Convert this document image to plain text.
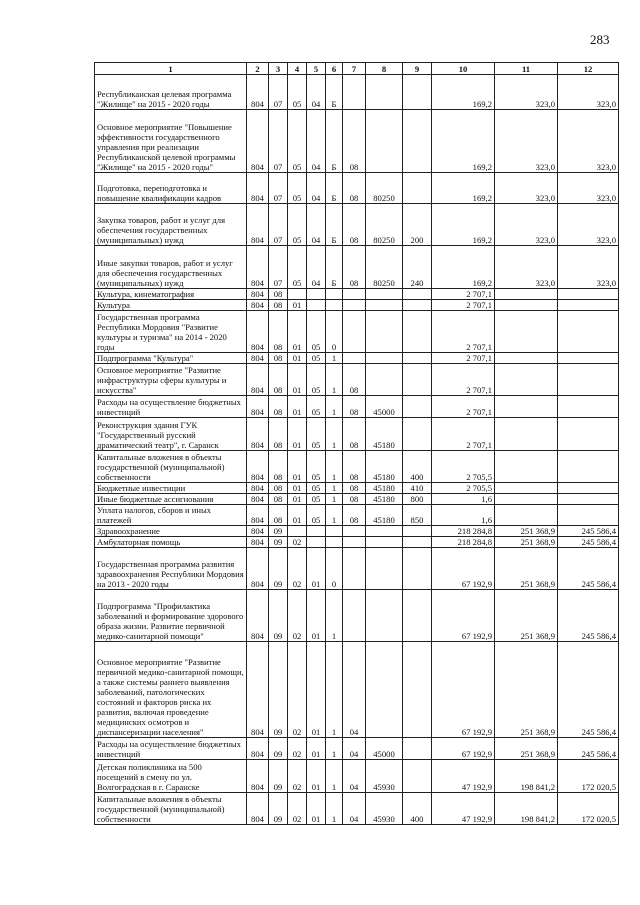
283
1	2	3	4	5	6	7	8	9	10	11	12
Республиканская целевая программа "Жилище" на 2015 - 2020 годы	804	07	05	04	Б				169,2	323,0	323,0
Основное мероприятие "Повышение эффективности государственного управления при реализации Республиканской целевой программы "Жилище" на 2015 - 2020 годы"	804	07	05	04	Б	08			169,2	323,0	323,0
Подготовка, переподготовка и повышение квалификации кадров	804	07	05	04	Б	08	80250		169,2	323,0	323,0
Закупка товаров, работ и услуг для обеспечения государственных (муниципальных) нужд	804	07	05	04	Б	08	80250	200	169,2	323,0	323,0
Иные закупки товаров, работ и услуг для обеспечения государственных (муниципальных) нужд	804	07	05	04	Б	08	80250	240	169,2	323,0	323,0
Культура, кинематография	804	08							2 707,1		
Культура	804	08	01						2 707,1		
Государственная программа Республики Мордовия "Развитие культуры и туризма" на 2014 - 2020 годы	804	08	01	05	0				2 707,1		
Подпрограмма "Культура"	804	08	01	05	1				2 707,1		
Основное мероприятие "Развитие инфраструктуры сферы культуры и искусства"	804	08	01	05	1	08			2 707,1		
Расходы на осуществление бюджетных инвестиций	804	08	01	05	1	08	45000		2 707,1		
Реконструкция здания ГУК "Государственный русский драматический театр", г. Саранск	804	08	01	05	1	08	45180		2 707,1		
Капитальные вложения в объекты государственной (муниципальной) собственности	804	08	01	05	1	08	45180	400	2 705,5		
Бюджетные инвестиции	804	08	01	05	1	08	45180	410	2 705,5		
Иные бюджетные ассигнования	804	08	01	05	1	08	45180	800	1,6		
Уплата налогов, сборов и иных платежей	804	08	01	05	1	08	45180	850	1,6		
Здравоохранение	804	09							218 284,8	251 368,9	245 586,4
Амбулаторная помощь	804	09	02						218 284,8	251 368,9	245 586,4
Государственная программа развития здравоохранения Республики Мордовия на 2013 - 2020 годы	804	09	02	01	0				67 192,9	251 368,9	245 586,4
Подпрограмма "Профилактика заболеваний и формирование здорового образа жизни. Развитие первичной медико-санитарной помощи"	804	09	02	01	1				67 192,9	251 368,9	245 586,4
Основное мероприятие "Развитие первичной медико-санитарной помощи, а также системы раннего выявления заболеваний, патологических состояний и факторов риска их развития, включая проведение медицинских осмотров и диспансеризации населения"	804	09	02	01	1	04			67 192,9	251 368,9	245 586,4
Расходы на осуществление бюджетных инвестиций	804	09	02	01	1	04	45000		67 192,9	251 368,9	245 586,4
Детская поликлиника на 500 посещений в смену по ул. Волгоградская в г. Саранске	804	09	02	01	1	04	45930		47 192,9	198 841,2	172 020,5
Капитальные вложения в объекты государственной (муниципальной) собственности	804	09	02	01	1	04	45930	400	47 192,9	198 841,2	172 020,5
